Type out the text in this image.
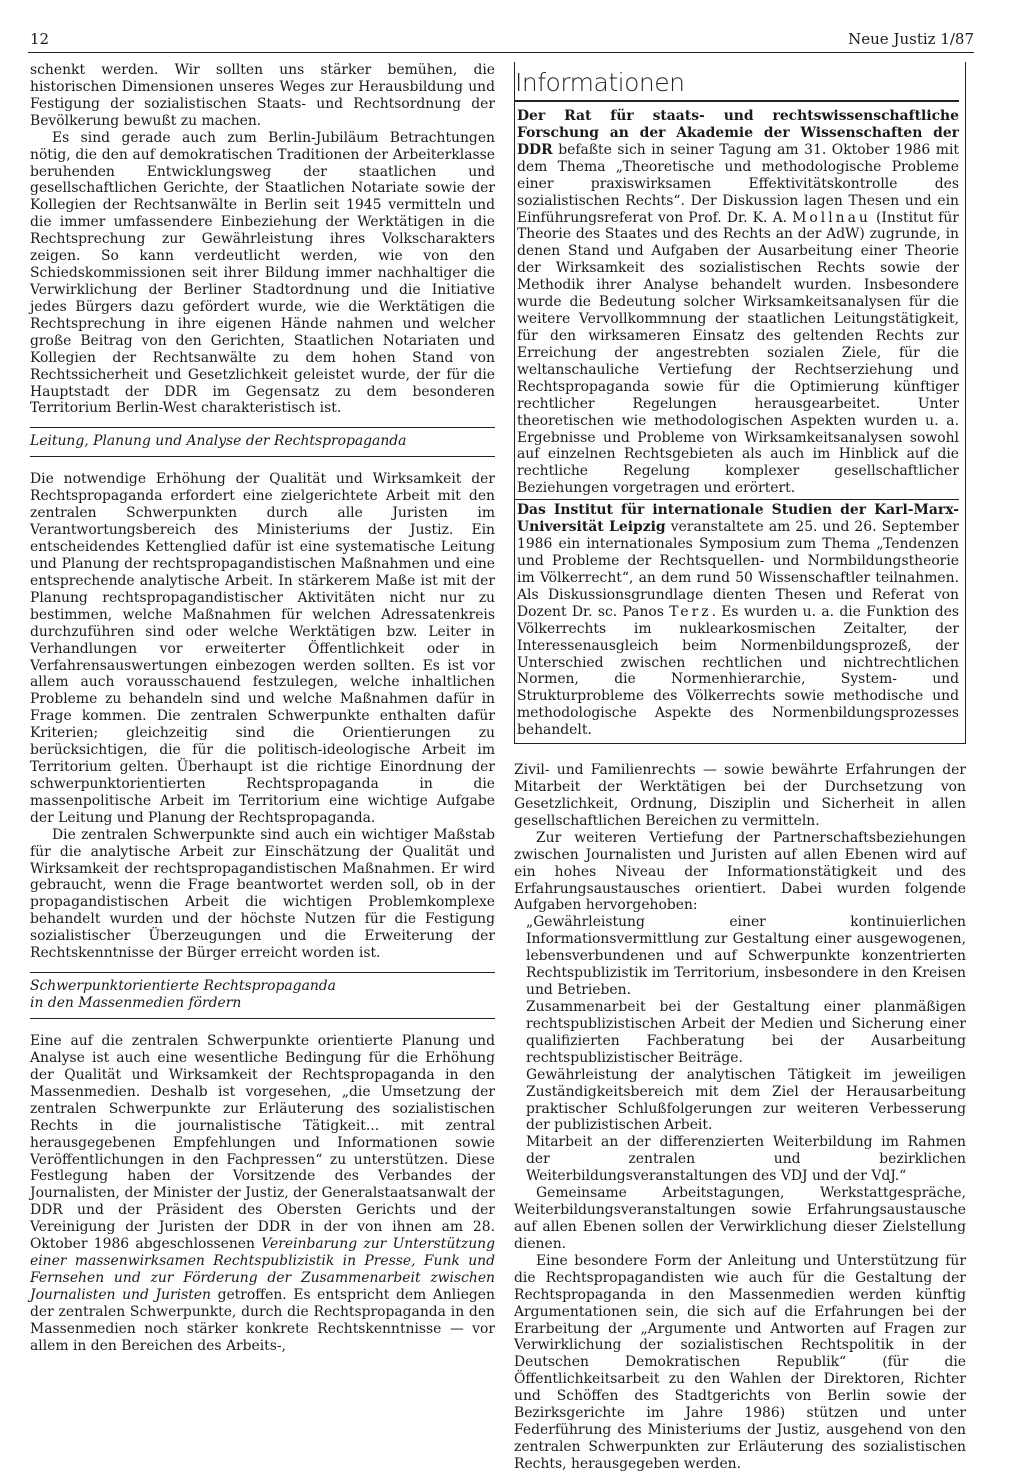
12	Neue Justiz 1/87

schenkt werden. Wir sollten uns stärker bemühen, die historischen Dimensionen unseres Weges zur Herausbildung und Festigung der sozialistischen Staats- und Rechtsordnung der Bevölkerung bewußt zu machen.

Es sind gerade auch zum Berlin-Jubiläum Betrachtungen nötig, die den auf demokratischen Traditionen der Arbeiterklasse beruhenden Entwicklungsweg der staatlichen und gesellschaftlichen Gerichte, der Staatlichen Notariate sowie der Kollegien der Rechtsanwälte in Berlin seit 1945 vermitteln und die immer umfassendere Einbeziehung der Werktätigen in die Rechtsprechung zur Gewährleistung ihres Volkscharakters zeigen. So kann verdeutlicht werden, wie von den Schiedskommissionen seit ihrer Bildung immer nachhaltiger die Verwirklichung der Berliner Stadtordnung und die Initiative jedes Bürgers dazu gefördert wurde, wie die Werktätigen die Rechtsprechung in ihre eigenen Hände nahmen und welcher große Beitrag von den Gerichten, Staatlichen Notariaten und Kollegien der Rechtsanwälte zu dem hohen Stand von Rechtssicherheit und Gesetzlichkeit geleistet wurde, der für die Hauptstadt der DDR im Gegensatz zu dem besonderen Territorium Berlin-West charakteristisch ist.

Leitung, Planung und Analyse der Rechtspropaganda

Die notwendige Erhöhung der Qualität und Wirksamkeit der Rechtspropaganda erfordert eine zielgerichtete Arbeit mit den zentralen Schwerpunkten durch alle Juristen im Verantwortungsbereich des Ministeriums der Justiz. Ein entscheidendes Kettenglied dafür ist eine systematische Leitung und Planung der rechtspropagandistischen Maßnahmen und eine entsprechende analytische Arbeit. In stärkerem Maße ist mit der Planung rechtspropagandistischer Aktivitäten nicht nur zu bestimmen, welche Maßnahmen für welchen Adressatenkreis durchzuführen sind oder welche Werktätigen bzw. Leiter in Verhandlungen vor erweiterter Öffentlichkeit oder in Verfahrensauswertungen einbezogen werden sollten. Es ist vor allem auch vorausschauend festzulegen, welche inhaltlichen Probleme zu behandeln sind und welche Maßnahmen dafür in Frage kommen. Die zentralen Schwerpunkte enthalten dafür Kriterien; gleichzeitig sind die Orientierungen zu berücksichtigen, die für die politisch-ideologische Arbeit im Territorium gelten. Überhaupt ist die richtige Einordnung der schwerpunktorientierten Rechtspropaganda in die massenpolitische Arbeit im Territorium eine wichtige Aufgabe der Leitung und Planung der Rechtspropaganda.

Die zentralen Schwerpunkte sind auch ein wichtiger Maßstab für die analytische Arbeit zur Einschätzung der Qualität und Wirksamkeit der rechtspropagandistischen Maßnahmen. Er wird gebraucht, wenn die Frage beantwortet werden soll, ob in der propagandistischen Arbeit die wichtigen Problemkomplexe behandelt wurden und der höchste Nutzen für die Festigung sozialistischer Überzeugungen und die Erweiterung der Rechtskenntnisse der Bürger erreicht worden ist.

Schwerpunktorientierte Rechtspropaganda
in den Massenmedien fördern

Eine auf die zentralen Schwerpunkte orientierte Planung und Analyse ist auch eine wesentliche Bedingung für die Erhöhung der Qualität und Wirksamkeit der Rechtspropaganda in den Massenmedien. Deshalb ist vorgesehen, „die Umsetzung der zentralen Schwerpunkte zur Erläuterung des sozialistischen Rechts in die journalistische Tätigkeit... mit zentral herausgegebenen Empfehlungen und Informationen sowie Veröffentlichungen in den Fachpressen“ zu unterstützen. Diese Festlegung haben der Vorsitzende des Verbandes der Journalisten, der Minister der Justiz, der Generalstaatsanwalt der DDR und der Präsident des Obersten Gerichts und der Vereinigung der Juristen der DDR in der von ihnen am 28. Oktober 1986 abgeschlossenen Vereinbarung zur Unterstützung einer massenwirksamen Rechtspublizistik in Presse, Funk und Fernsehen und zur Förderung der Zusammenarbeit zwischen Journalisten und Juristen getroffen. Es entspricht dem Anliegen der zentralen Schwerpunkte, durch die Rechtspropaganda in den Massenmedien noch stärker konkrete Rechtskenntnisse — vor allem in den Bereichen des Arbeits-,

Informationen

Der Rat für staats- und rechtswissenschaftliche Forschung an der Akademie der Wissenschaften der DDR befaßte sich in seiner Tagung am 31. Oktober 1986 mit dem Thema „Theoretische und methodologische Probleme einer praxiswirksamen Effektivitätskontrolle des sozialistischen Rechts“. Der Diskussion lagen Thesen und ein Einführungsreferat von Prof. Dr. K. A. Mollnau (Institut für Theorie des Staates und des Rechts an der AdW) zugrunde, in denen Stand und Aufgaben der Ausarbeitung einer Theorie der Wirksamkeit des sozialistischen Rechts sowie der Methodik ihrer Analyse behandelt wurden. Insbesondere wurde die Bedeutung solcher Wirksamkeitsanalysen für die weitere Vervollkommnung der staatlichen Leitungstätigkeit, für den wirksameren Einsatz des geltenden Rechts zur Erreichung der angestrebten sozialen Ziele, für die weltanschauliche Vertiefung der Rechtserziehung und Rechtspropaganda sowie für die Optimierung künftiger rechtlicher Regelungen herausgearbeitet. Unter theoretischen wie methodologischen Aspekten wurden u. a. Ergebnisse und Probleme von Wirksamkeitsanalysen sowohl auf einzelnen Rechtsgebieten als auch im Hinblick auf die rechtliche Regelung komplexer gesellschaftlicher Beziehungen vorgetragen und erörtert.

Das Institut für internationale Studien der Karl-Marx-Universität Leipzig veranstaltete am 25. und 26. September 1986 ein internationales Symposium zum Thema „Tendenzen und Probleme der Rechtsquellen- und Normbildungstheorie im Völkerrecht“, an dem rund 50 Wissenschaftler teilnahmen. Als Diskussionsgrundlage dienten Thesen und Referat von Dozent Dr. sc. Panos Terz. Es wurden u. a. die Funktion des Völkerrechts im nuklearkosmischen Zeitalter, der Interessenausgleich beim Normenbildungsprozeß, der Unterschied zwischen rechtlichen und nichtrechtlichen Normen, die Normenhierarchie, System- und Strukturprobleme des Völkerrechts sowie methodische und methodologische Aspekte des Normenbildungsprozesses behandelt.

Zivil- und Familienrechts — sowie bewährte Erfahrungen der Mitarbeit der Werktätigen bei der Durchsetzung von Gesetzlichkeit, Ordnung, Disziplin und Sicherheit in allen gesellschaftlichen Bereichen zu vermitteln.

Zur weiteren Vertiefung der Partnerschaftsbeziehungen zwischen Journalisten und Juristen auf allen Ebenen wird auf ein hohes Niveau der Informationstätigkeit und des Erfahrungsaustausches orientiert. Dabei wurden folgende Aufgaben hervorgehoben:

„Gewährleistung einer kontinuierlichen Informationsvermittlung zur Gestaltung einer ausgewogenen, lebensverbundenen und auf Schwerpunkte konzentrierten Rechtspublizistik im Territorium, insbesondere in den Kreisen und Betrieben.

Zusammenarbeit bei der Gestaltung einer planmäßigen rechtspublizistischen Arbeit der Medien und Sicherung einer qualifizierten Fachberatung bei der Ausarbeitung rechtspublizistischer Beiträge.

Gewährleistung der analytischen Tätigkeit im jeweiligen Zuständigkeitsbereich mit dem Ziel der Herausarbeitung praktischer Schlußfolgerungen zur weiteren Verbesserung der publizistischen Arbeit.

Mitarbeit an der differenzierten Weiterbildung im Rahmen der zentralen und bezirklichen Weiterbildungsveranstaltungen des VDJ und der VdJ.“

Gemeinsame Arbeitstagungen, Werkstattgespräche, Weiterbildungsveranstaltungen sowie Erfahrungsaustausche auf allen Ebenen sollen der Verwirklichung dieser Zielstellung dienen.

Eine besondere Form der Anleitung und Unterstützung für die Rechtspropagandisten wie auch für die Gestaltung der Rechtspropaganda in den Massenmedien werden künftig Argumentationen sein, die sich auf die Erfahrungen bei der Erarbeitung der „Argumente und Antworten auf Fragen zur Verwirklichung der sozialistischen Rechtspolitik in der Deutschen Demokratischen Republik“ (für die Öffentlichkeitsarbeit zu den Wahlen der Direktoren, Richter und Schöffen des Stadtgerichts von Berlin sowie der Bezirksgerichte im Jahre 1986) stützen und unter Federführung des Ministeriums der Justiz, ausgehend von den zentralen Schwerpunkten zur Erläuterung des sozialistischen Rechts, herausgegeben werden.
